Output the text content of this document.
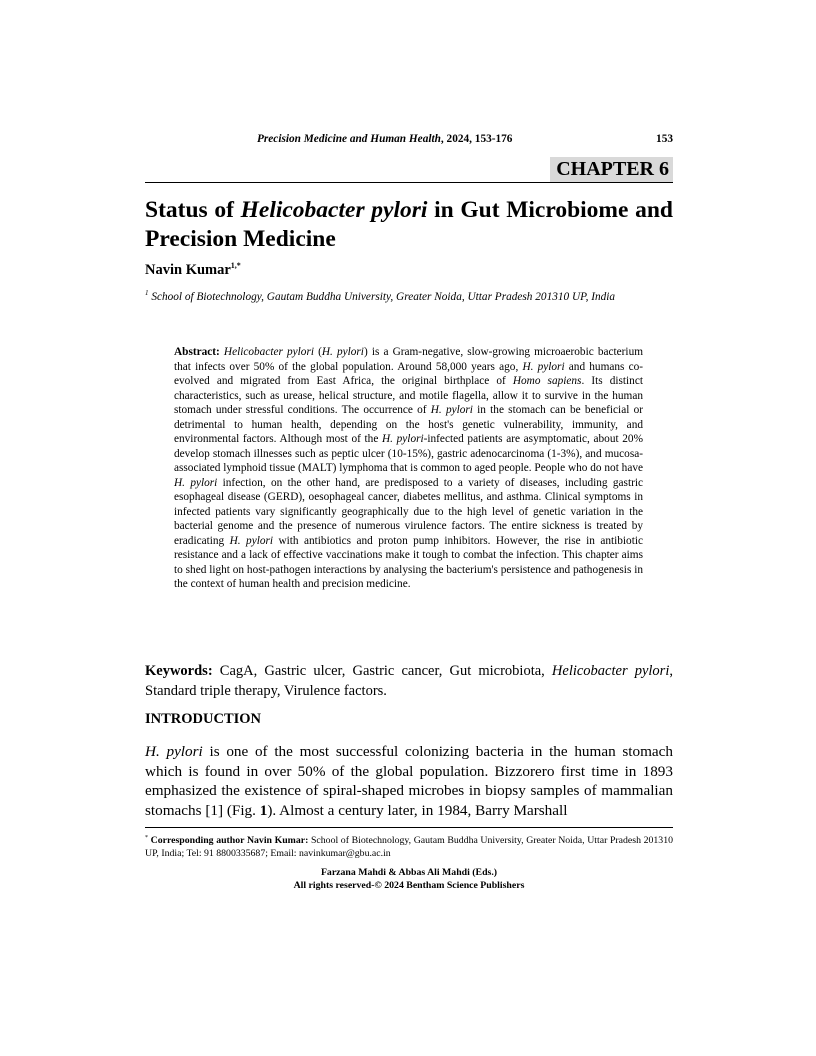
Precision Medicine and Human Health, 2024, 153-176	153
CHAPTER 6
Status of Helicobacter pylori in Gut Microbiome and Precision Medicine
Navin Kumar$^{1,*}$
$^1$ School of Biotechnology, Gautam Buddha University, Greater Noida, Uttar Pradesh 201310 UP, India

Abstract: Helicobacter pylori (H. pylori) is a Gram-negative, slow-growing microaerobic bacterium that infects over 50% of the global population. Around 58,000 years ago, H. pylori and humans co-evolved and migrated from East Africa, the original birthplace of Homo sapiens. Its distinct characteristics, such as urease, helical structure, and motile flagella, allow it to survive in the human stomach under stressful conditions. The occurrence of H. pylori in the stomach can be beneficial or detrimental to human health, depending on the host's genetic vulnerability, immunity, and environmental factors. Although most of the H. pylori-infected patients are asymptomatic, about 20% develop stomach illnesses such as peptic ulcer (10-15%), gastric adenocarcinoma (1-3%), and mucosa-associated lymphoid tissue (MALT) lymphoma that is common to aged people. People who do not have H. pylori infection, on the other hand, are predisposed to a variety of diseases, including gastric esophageal disease (GERD), oesophageal cancer, diabetes mellitus, and asthma. Clinical symptoms in infected patients vary significantly geographically due to the high level of genetic variation in the bacterial genome and the presence of numerous virulence factors. The entire sickness is treated by eradicating H. pylori with antibiotics and proton pump inhibitors. However, the rise in antibiotic resistance and a lack of effective vaccinations make it tough to combat the infection. This chapter aims to shed light on host-pathogen interactions by analysing the bacterium's persistence and pathogenesis in the context of human health and precision medicine.

Keywords: CagA, Gastric ulcer, Gastric cancer, Gut microbiota, Helicobacter pylori, Standard triple therapy, Virulence factors.

INTRODUCTION

H. pylori is one of the most successful colonizing bacteria in the human stomach which is found in over 50% of the global population. Bizzorero first time in 1893 emphasized the existence of spiral-shaped microbes in biopsy samples of mammalian stomachs [1] (Fig. 1). Almost a century later, in 1984, Barry Marshall

* Corresponding author Navin Kumar: School of Biotechnology, Gautam Buddha University, Greater Noida, Uttar Pradesh 201310 UP, India; Tel: 91 8800335687; Email: navinkumar@gbu.ac.in

Farzana Mahdi & Abbas Ali Mahdi (Eds.)
All rights reserved-© 2024 Bentham Science Publishers
